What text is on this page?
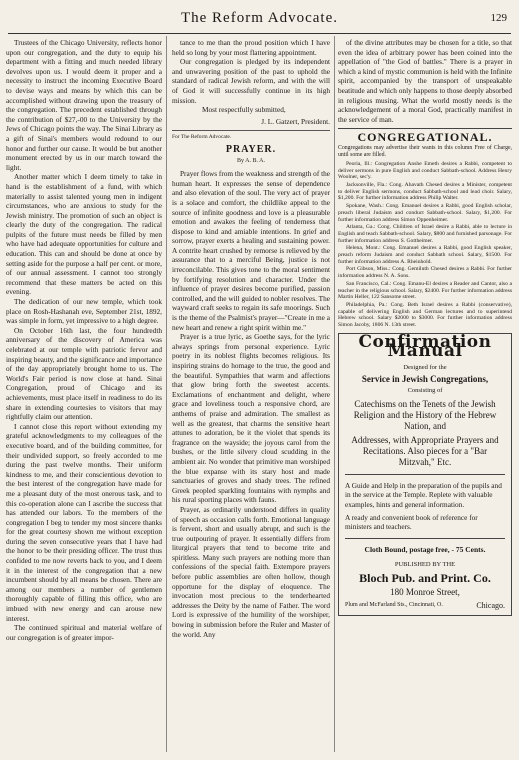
The Reform Advocate.	129

Trustees of the Chicago University, reflects honor upon our congregation, and the duty to equip his department with a fitting and much needed library devolves upon us. I would deem it proper and a necessity to instruct the incoming Executive Board to devise ways and means by which this can be accomplished without drawing upon the treasury of the congregation. The precedent established through the contribution of $27,-00 to the University by the Jews of Chicago points the way. The Sinai Library as a gift of Sinai's members would redound to our honor and further our cause. It would be but another monument erected by us in our march toward the light.

Another matter which I deem timely to take in hand is the establishment of a fund, with which materially to assist talented young men in indigent circumstances, who are anxious to study for the Jewish ministry. The promotion of such an object is clearly the duty of the congregation. The radical pulpits of the future must needs be filled by men who have had adequate opportunities for culture and education. This can and should be done at once by setting aside for the purpose a half per cent. or more, of our annual assessment. I cannot too strongly recommend that these matters be acted on this evening.

The dedication of our new temple, which took place on Rosh-Hashanah eve, September 21st, 1892, was simple in form, yet impressive to a high degree.

On October 16th last, the four hundredth anniversary of the discovery of America was celebrated at our temple with patriotic fervor and inspiring beauty, and the significance and importance of the day appropriately brought home to us. The World's Fair period is now close at hand. Sinai Congregation, proud of Chicago and its achievements, must place itself in readiness to do its share in extending courtesies to visitors that may rightfully claim our attention.

I cannot close this report without extending my grateful acknowledgments to my colleagues of the executive board, and of the building committee, for their undivided support, so freely accorded to me during the past twelve months. Their uniform kindness to me, and their conscientious devotion to the best interest of the congregation have made for me a pleasant duty of the most onerous task, and to this co-operation alone can I ascribe the success that has attended our labors. To the members of the congregation I beg to tender my most sincere thanks for the great courtesy shown me without exception during the seven consecutive years that I have had the honor to be their presiding officer. The trust thus confided to me now reverts back to you, and I deem it in the interest of the congregation that a new incumbent should by all means be chosen. There are among our members a number of gentlemen thoroughly capable of filling this office, who are imbued with new energy and can arouse new interest.

The continued spiritual and material welfare of our congregation is of greater impor-

tance to me than the proud position which I have held so long by your most flattering appointment.

Our congregation is pledged by its independent and unwavering position of the past to uphold the standard of radical Jewish reform, and with the will of God it will successfully continue in its high mission.

Most respectfully submitted,

J. L. Gatzert, President.

For The Reform Advocate.

PRAYER.
By A. B. A.

Prayer flows from the weakness and strength of the human heart. It expresses the sense of dependence and also elevation of the soul. The very act of prayer is a solace and comfort, the childlike appeal to the source of infinite goodness and love is a pleasurable emotion and awakes the feeling of tenderness that dispose to kind and amiable intentions. In grief and sorrow, prayer exerts a healing and sustaining power. A contrite heart crushed by remorse is relieved by the assurance that to a merciful Being, justice is not irreconcilable. This gives tone to the moral sentiment by fortifying resolution and character. Under the influence of prayer desires become purified, passion controlled, and the will guided to nobler resolves. The wayward craft seeks to regain its safe moorings. Such is the theme of the Psalmist's prayer—"Create in me a new heart and renew a right spirit within me."

Prayer is a true lyric, as Goethe says, for the lyric always springs from personal experience. Lyric poetry in its noblest flights becomes religious. Its inspiring strains do homage to the true, the good and the beautiful. Sympathies that warm and affections that glow bring forth the sweetest accents. Exclamations of enchantment and delight, where grace and loveliness touch a responsive chord, are anthems of praise and admiration. The smallest as well as the greatest, that charms the sensitive heart attunes to adoration, be it the violet that spends its fragrance on the wayside; the joyous carol from the bushes, or the little silvery cloud scudding in the ambient air. No wonder that primitive man worshiped the blue expanse with its stary host and made sanctuaries of groves and shady trees. The refined Greek peopled sparkling fountains with nymphs and his rural sporting places with fauns.

Prayer, as ordinarily understood differs in quality of speech as occasion calls forth. Emotional language is fervent, short and usually abrupt, and such is the true outpouring of prayer. It essentially differs from liturgical prayers that tend to become trite and spiritless. Many such prayers are nothing more than confessions of the special faith. Extempore prayers before public assemblies are often hollow, though opportune for the display of eloquence. The invocation most precious to the tenderhearted addresses the Deity by the name of Father. The word Lord is expressive of the humility of the worshiper, bowing in submission before the Ruler and Master of the world. Any

of the divine attributes may be chosen for a title, so that even the idea of arbitrary power has been coined into the appellation of "the God of battles." There is a prayer in which a kind of mystic communion is held with the Infinite spirit, accompanied by the transport of unspeakable beatitude and which only happens to those deeply absorbed in religious musing. What the world mostly needs is the acknowledgement of a moral God, practically manifest in the service of man.

CONGREGATIONAL.

Congregations may advertise their wants in this column Free of Charge, until some are filled.

Peoria, Ill.: Congregation Anshe Emeth desires a Rabbi, competent to deliver sermons in pure English and conduct Sabbath-school. Address Henry Woolner, sec'y.

Jacksonville, Fla.: Cong. Ahavath Chesed desires a Minister, competent to deliver English sermons, conduct Sabbath-school and lead choir. Salary, $1,200. For further information address Philip Walter.

Spokane, Wash.: Cong. Emanuel desires a Rabbi, good English scholar, preach liberal Judaism and conduct Sabbath-school. Salary, $1,200. For further information address Simon Oppenheimer.

Atlanta, Ga.: Cong. Children of Israel desire a Rabbi, able to lecture in English and teach Sabbath-school. Salary, $800 and furnished parsonage. For further information address S. Gottheimer.

Helena, Mont.: Cong. Emanuel desires a Rabbi, good English speaker, preach reform Judaism and conduct Sabbath school. Salary, $1500. For further information address A. Rheinhold.

Port Gibson, Miss.: Cong. Gemiluth Chesed desires a Rabbi. For further information address N. A. Sons.

San Francisco, Cal.: Cong. Emanu-El desires a Reader and Cantor, also a teacher in the religious school. Salary, $2400. For further information address Martin Heller, 122 Sansome street.

Philadelphia, Pa.: Cong. Beth Israel desires a Rabbi (conservative), capable of delivering English and German lectures and to superintend Hebrew school. Salary $2000 to $3000. For further information address Simon Jacoby, 1806 N. 13th street.

Confirmation Manual
Designed for the
Service in Jewish Congregations,
Consisting of
Catechisms on the Tenets of the Jewish Religion and the History of the Hebrew Nation, and
Addresses, with Appropriate Prayers and Recitations. Also pieces for a "Bar Mitzvah," Etc.
A Guide and Help in the preparation of the pupils and in the service at the Temple. Replete with valuable examples, hints and general information.
A ready and convenient book of reference for ministers and teachers.
Cloth Bound, postage free, - 75 Cents.
PUBLISHED BY THE
Bloch Pub. and Print. Co.
180 Monroe Street,
Plum and McFarland Sts., Cincinnati, O.	Chicago.
